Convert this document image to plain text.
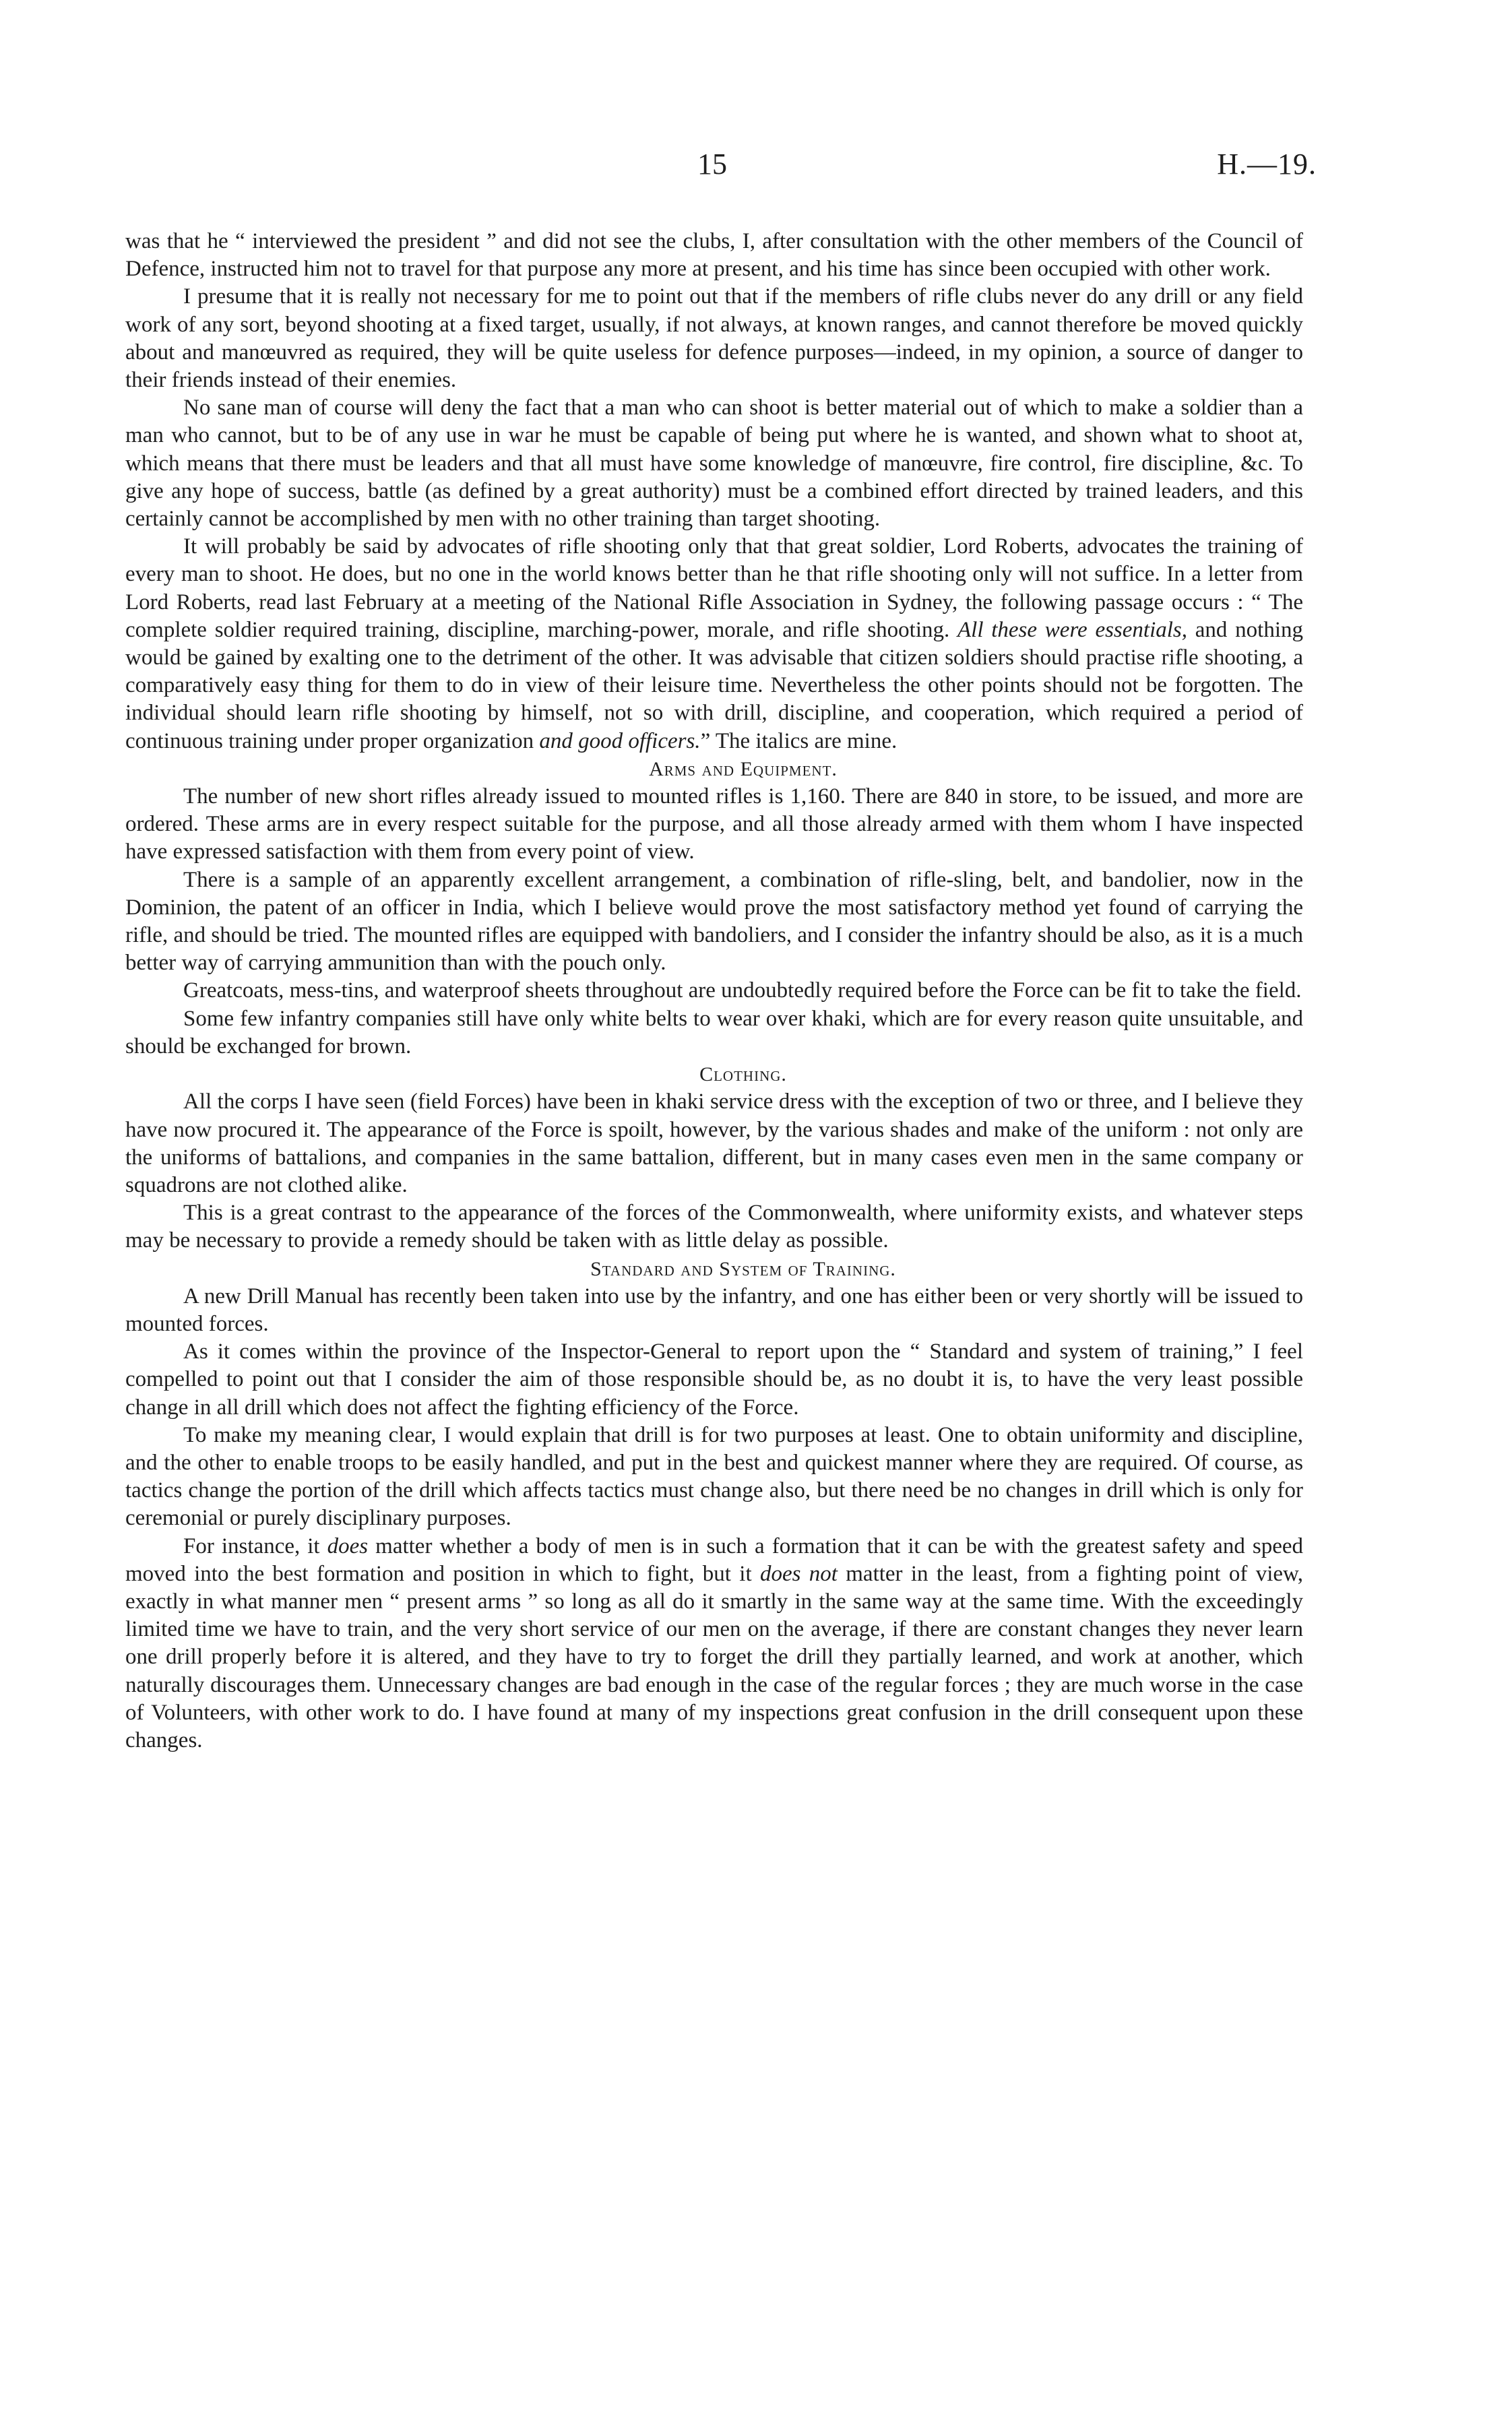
15	H.—19.

was that he “ interviewed the president ” and did not see the clubs, I, after consultation with the other members of the Council of Defence, instructed him not to travel for that purpose any more at present, and his time has since been occupied with other work.

I presume that it is really not necessary for me to point out that if the members of rifle clubs never do any drill or any field work of any sort, beyond shooting at a fixed target, usually, if not always, at known ranges, and cannot therefore be moved quickly about and manœuvred as required, they will be quite useless for defence purposes—indeed, in my opinion, a source of danger to their friends instead of their enemies.

No sane man of course will deny the fact that a man who can shoot is better material out of which to make a soldier than a man who cannot, but to be of any use in war he must be capable of being put where he is wanted, and shown what to shoot at, which means that there must be leaders and that all must have some knowledge of manœuvre, fire control, fire discipline, &c. To give any hope of success, battle (as defined by a great authority) must be a combined effort directed by trained leaders, and this certainly cannot be accomplished by men with no other training than target shooting.

It will probably be said by advocates of rifle shooting only that that great soldier, Lord Roberts, advocates the training of every man to shoot. He does, but no one in the world knows better than he that rifle shooting only will not suffice. In a letter from Lord Roberts, read last February at a meeting of the National Rifle Association in Sydney, the following passage occurs : “ The complete soldier required training, discipline, marching-power, morale, and rifle shooting. All these were essentials, and nothing would be gained by exalting one to the detriment of the other. It was advisable that citizen soldiers should practise rifle shooting, a comparatively easy thing for them to do in view of their leisure time. Nevertheless the other points should not be forgotten. The individual should learn rifle shooting by himself, not so with drill, discipline, and cooperation, which required a period of continuous training under proper organization and good officers.” The italics are mine.

Arms and Equipment.

The number of new short rifles already issued to mounted rifles is 1,160. There are 840 in store, to be issued, and more are ordered. These arms are in every respect suitable for the purpose, and all those already armed with them whom I have inspected have expressed satisfaction with them from every point of view.

There is a sample of an apparently excellent arrangement, a combination of rifle-sling, belt, and bandolier, now in the Dominion, the patent of an officer in India, which I believe would prove the most satisfactory method yet found of carrying the rifle, and should be tried. The mounted rifles are equipped with bandoliers, and I consider the infantry should be also, as it is a much better way of carrying ammunition than with the pouch only.

Greatcoats, mess-tins, and waterproof sheets throughout are undoubtedly required before the Force can be fit to take the field.

Some few infantry companies still have only white belts to wear over khaki, which are for every reason quite unsuitable, and should be exchanged for brown.

Clothing.

All the corps I have seen (field Forces) have been in khaki service dress with the exception of two or three, and I believe they have now procured it. The appearance of the Force is spoilt, however, by the various shades and make of the uniform : not only are the uniforms of battalions, and companies in the same battalion, different, but in many cases even men in the same company or squadrons are not clothed alike.

This is a great contrast to the appearance of the forces of the Commonwealth, where uniformity exists, and whatever steps may be necessary to provide a remedy should be taken with as little delay as possible.

Standard and System of Training.

A new Drill Manual has recently been taken into use by the infantry, and one has either been or very shortly will be issued to mounted forces.

As it comes within the province of the Inspector-General to report upon the “ Standard and system of training,” I feel compelled to point out that I consider the aim of those responsible should be, as no doubt it is, to have the very least possible change in all drill which does not affect the fighting efficiency of the Force.

To make my meaning clear, I would explain that drill is for two purposes at least. One to obtain uniformity and discipline, and the other to enable troops to be easily handled, and put in the best and quickest manner where they are required. Of course, as tactics change the portion of the drill which affects tactics must change also, but there need be no changes in drill which is only for ceremonial or purely disciplinary purposes.

For instance, it does matter whether a body of men is in such a formation that it can be with the greatest safety and speed moved into the best formation and position in which to fight, but it does not matter in the least, from a fighting point of view, exactly in what manner men “ present arms ” so long as all do it smartly in the same way at the same time. With the exceedingly limited time we have to train, and the very short service of our men on the average, if there are constant changes they never learn one drill properly before it is altered, and they have to try to forget the drill they partially learned, and work at another, which naturally discourages them. Unnecessary changes are bad enough in the case of the regular forces ; they are much worse in the case of Volunteers, with other work to do. I have found at many of my inspections great confusion in the drill consequent upon these changes.
